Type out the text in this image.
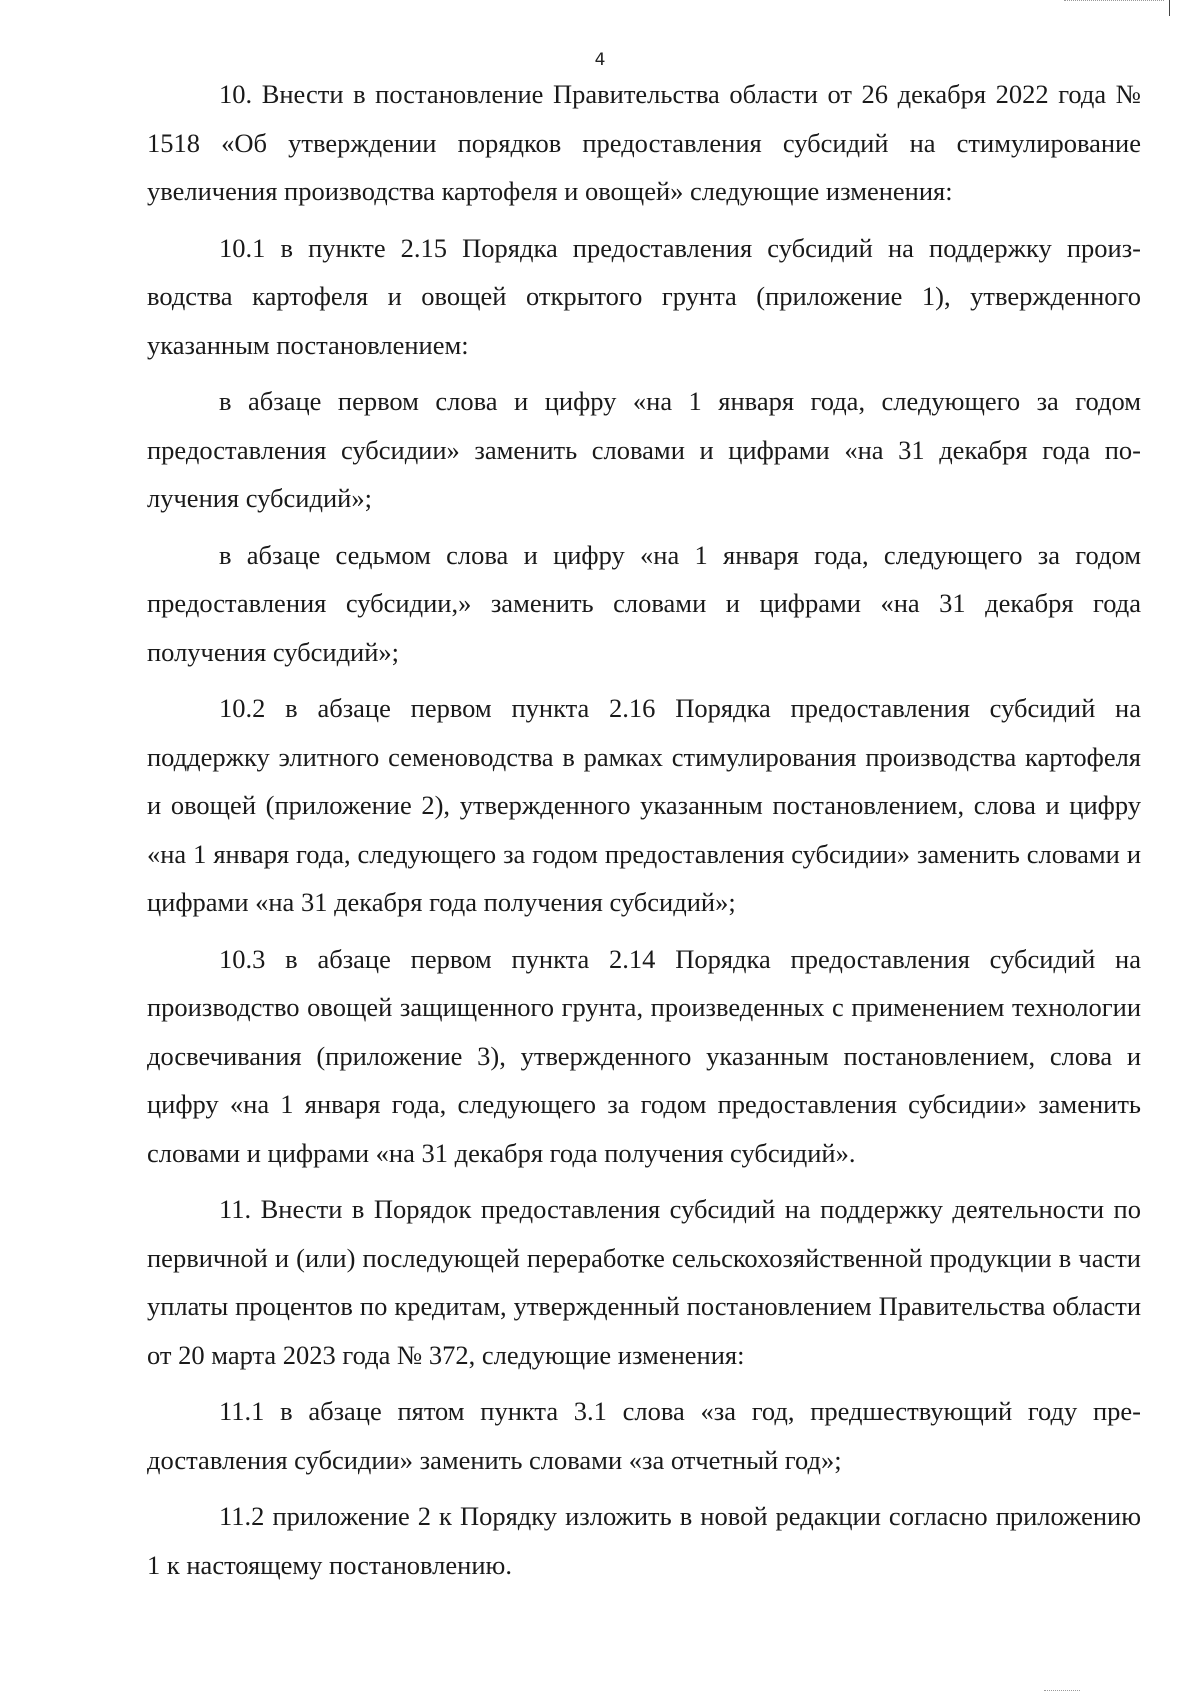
4

10. Внести в постановление Правительства области от 26 декабря 2022 года № 1518 «Об утверждении порядков предоставления субсидий на стимулирование увеличения производства картофеля и овощей» следующие изменения:

10.1 в пункте 2.15 Порядка предоставления субсидий на поддержку производства картофеля и овощей открытого грунта (приложение 1), утвержденного указанным постановлением:

в абзаце первом слова и цифру «на 1 января года, следующего за годом предоставления субсидии» заменить словами и цифрами «на 31 декабря года получения субсидий»;

в абзаце седьмом слова и цифру «на 1 января года, следующего за годом предоставления субсидии,» заменить словами и цифрами «на 31 декабря года получения субсидий»;

10.2 в абзаце первом пункта 2.16 Порядка предоставления субсидий на поддержку элитного семеноводства в рамках стимулирования производства картофеля и овощей (приложение 2), утвержденного указанным постановлением, слова и цифру «на 1 января года, следующего за годом предоставления субсидии» заменить словами и цифрами «на 31 декабря года получения субсидий»;

10.3 в абзаце первом пункта 2.14 Порядка предоставления субсидий на производство овощей защищенного грунта, произведенных с применением технологии досвечивания (приложение 3), утвержденного указанным постановлением, слова и цифру «на 1 января года, следующего за годом предоставления субсидии» заменить словами и цифрами «на 31 декабря года получения субсидий».

11. Внести в Порядок предоставления субсидий на поддержку деятельности по первичной и (или) последующей переработке сельскохозяйственной продукции в части уплаты процентов по кредитам, утвержденный постановлением Правительства области от 20 марта 2023 года № 372, следующие изменения:

11.1 в абзаце пятом пункта 3.1 слова «за год, предшествующий году предоставления субсидии» заменить словами «за отчетный год»;

11.2 приложение 2 к Порядку изложить в новой редакции согласно приложению 1 к настоящему постановлению.
